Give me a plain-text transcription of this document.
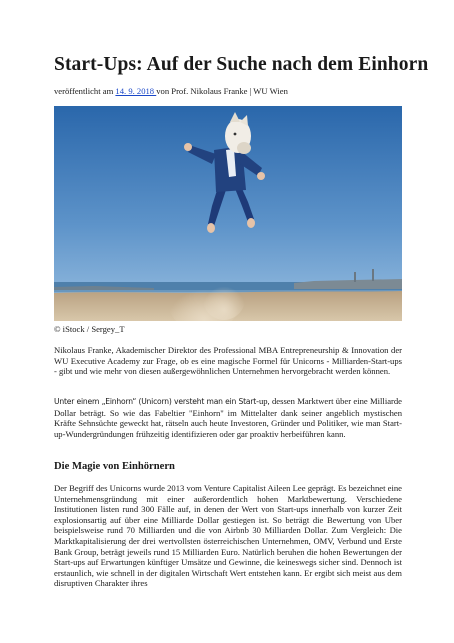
Start-Ups: Auf der Suche nach dem Einhorn
veröffentlicht am 14. 9. 2018 von Prof. Nikolaus Franke | WU Wien
© iStock / Sergey_T

Nikolaus Franke, Akademischer Direktor des Professional MBA Entrepreneurship & Innovation der WU Executive Academy zur Frage, ob es eine magische Formel für Unicorns - Milliarden-Start-ups - gibt und wie mehr von diesen außergewöhnlichen Unternehmen hervorgebracht werden können.

Unter einem „Einhorn“ (Unicorn) versteht man ein Start-up, dessen Marktwert über eine Milliarde Dollar beträgt. So wie das Fabeltier "Einhorn" im Mittelalter dank seiner angeblich mystischen Kräfte Sehnsüchte geweckt hat, rätseln auch heute Investoren, Gründer und Politiker, wie man Start-up-Wundergründungen frühzeitig identifizieren oder gar proaktiv herbeiführen kann.

Die Magie von Einhörnern

Der Begriff des Unicorns wurde 2013 vom Venture Capitalist Aileen Lee geprägt. Es bezeichnet eine Unternehmensgründung mit einer außerordentlich hohen Marktbewertung. Verschiedene Institutionen listen rund 300 Fälle auf, in denen der Wert von Start-ups innerhalb von kurzer Zeit explosionsartig auf über eine Milliarde Dollar gestiegen ist. So beträgt die Bewertung von Uber beispielsweise rund 70 Milliarden und die von Airbnb 30 Milliarden Dollar. Zum Vergleich: Die Marktkapitalisierung der drei wertvollsten österreichischen Unternehmen, OMV, Verbund und Erste Bank Group, beträgt jeweils rund 15 Milliarden Euro. Natürlich beruhen die hohen Bewertungen der Start-ups auf Erwartungen künftiger Umsätze und Gewinne, die keineswegs sicher sind. Dennoch ist erstaunlich, wie schnell in der digitalen Wirtschaft Wert entstehen kann. Er ergibt sich meist aus dem disruptiven Charakter ihres
